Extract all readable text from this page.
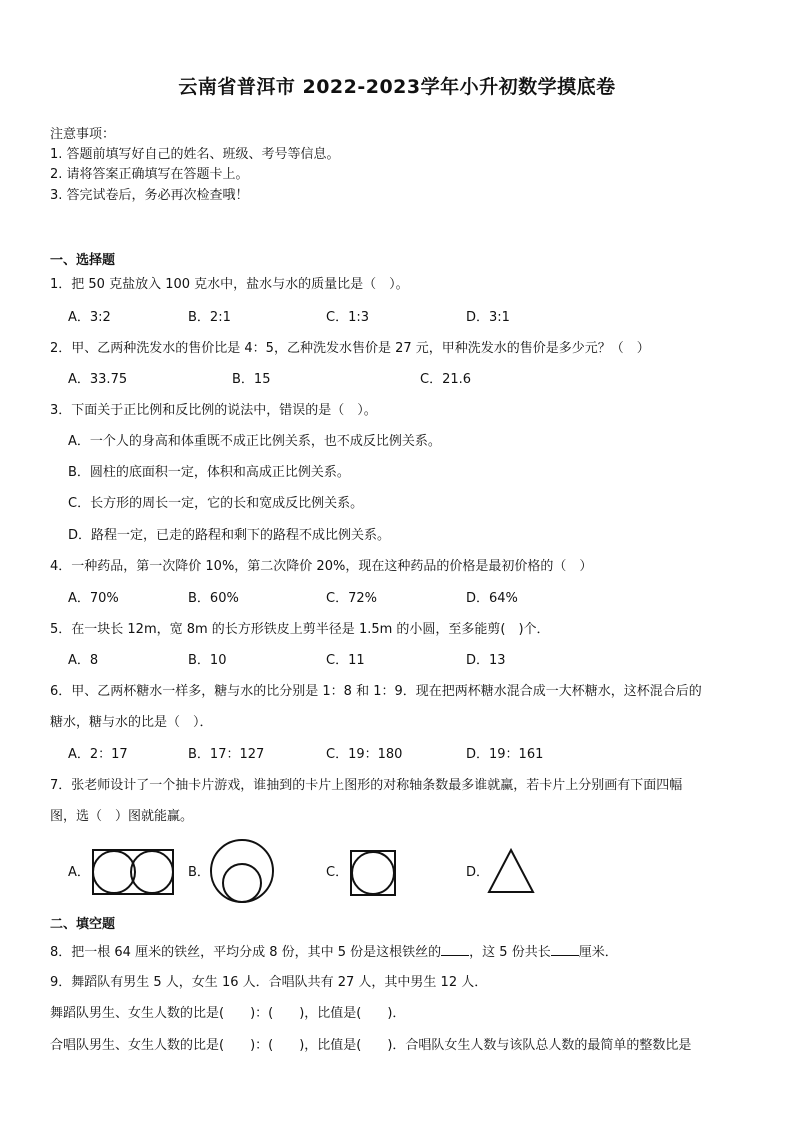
云南省普洱市 2022-2023学年小升初数学摸底卷
注意事项：
1. 答题前填写好自己的姓名、班级、考号等信息。
2. 请将答案正确填写在答题卡上。
3. 答完试卷后，务必再次检查哦！
一、选择题
1．把 50 克盐放入 100 克水中，盐水与水的质量比是（　）。
A．3:2	B．2:1	C．1:3	D．3:1
2．甲、乙两种洗发水的售价比是 4：5，乙种洗发水售价是 27 元，甲种洗发水的售价是多少元？（　）
A．33.75	B．15	C．21.6
3．下面关于正比例和反比例的说法中，错误的是（　）。
A．一个人的身高和体重既不成正比例关系，也不成反比例关系。
B．圆柱的底面积一定，体积和高成正比例关系。
C．长方形的周长一定，它的长和宽成反比例关系。
D．路程一定，已走的路程和剩下的路程不成比例关系。
4．一种药品，第一次降价 10%，第二次降价 20%，现在这种药品的价格是最初价格的（　）
A．70%	B．60%	C．72%	D．64%
5．在一块长 12m，宽 8m 的长方形铁皮上剪半径是 1.5m 的小圆，至多能剪(　)个．
A．8	B．10	C．11	D．13
6．甲、乙两杯糖水一样多，糖与水的比分别是 1：8 和 1：9．现在把两杯糖水混合成一大杯糖水，这杯混合后的
糖水，糖与水的比是（　）．
A．2：17	B．17：127	C．19：180	D．19：161
7．张老师设计了一个抽卡片游戏，谁抽到的卡片上图形的对称轴条数最多谁就赢，若卡片上分别画有下面四幅
图，选（　）图就能赢。
A．	B．	C．	D．
二、填空题
8．把一根 64 厘米的铁丝，平均分成 8 份，其中 5 份是这根铁丝的 ，这 5 份共长 厘米．
9．舞蹈队有男生 5 人，女生 16 人．合唱队共有 27 人，其中男生 12 人．
舞蹈队男生、女生人数的比是(　　)：(　　)，比值是(　　)．
合唱队男生、女生人数的比是(　　)：(　　)，比值是(　　)．合唱队女生人数与该队总人数的最简单的整数比是
